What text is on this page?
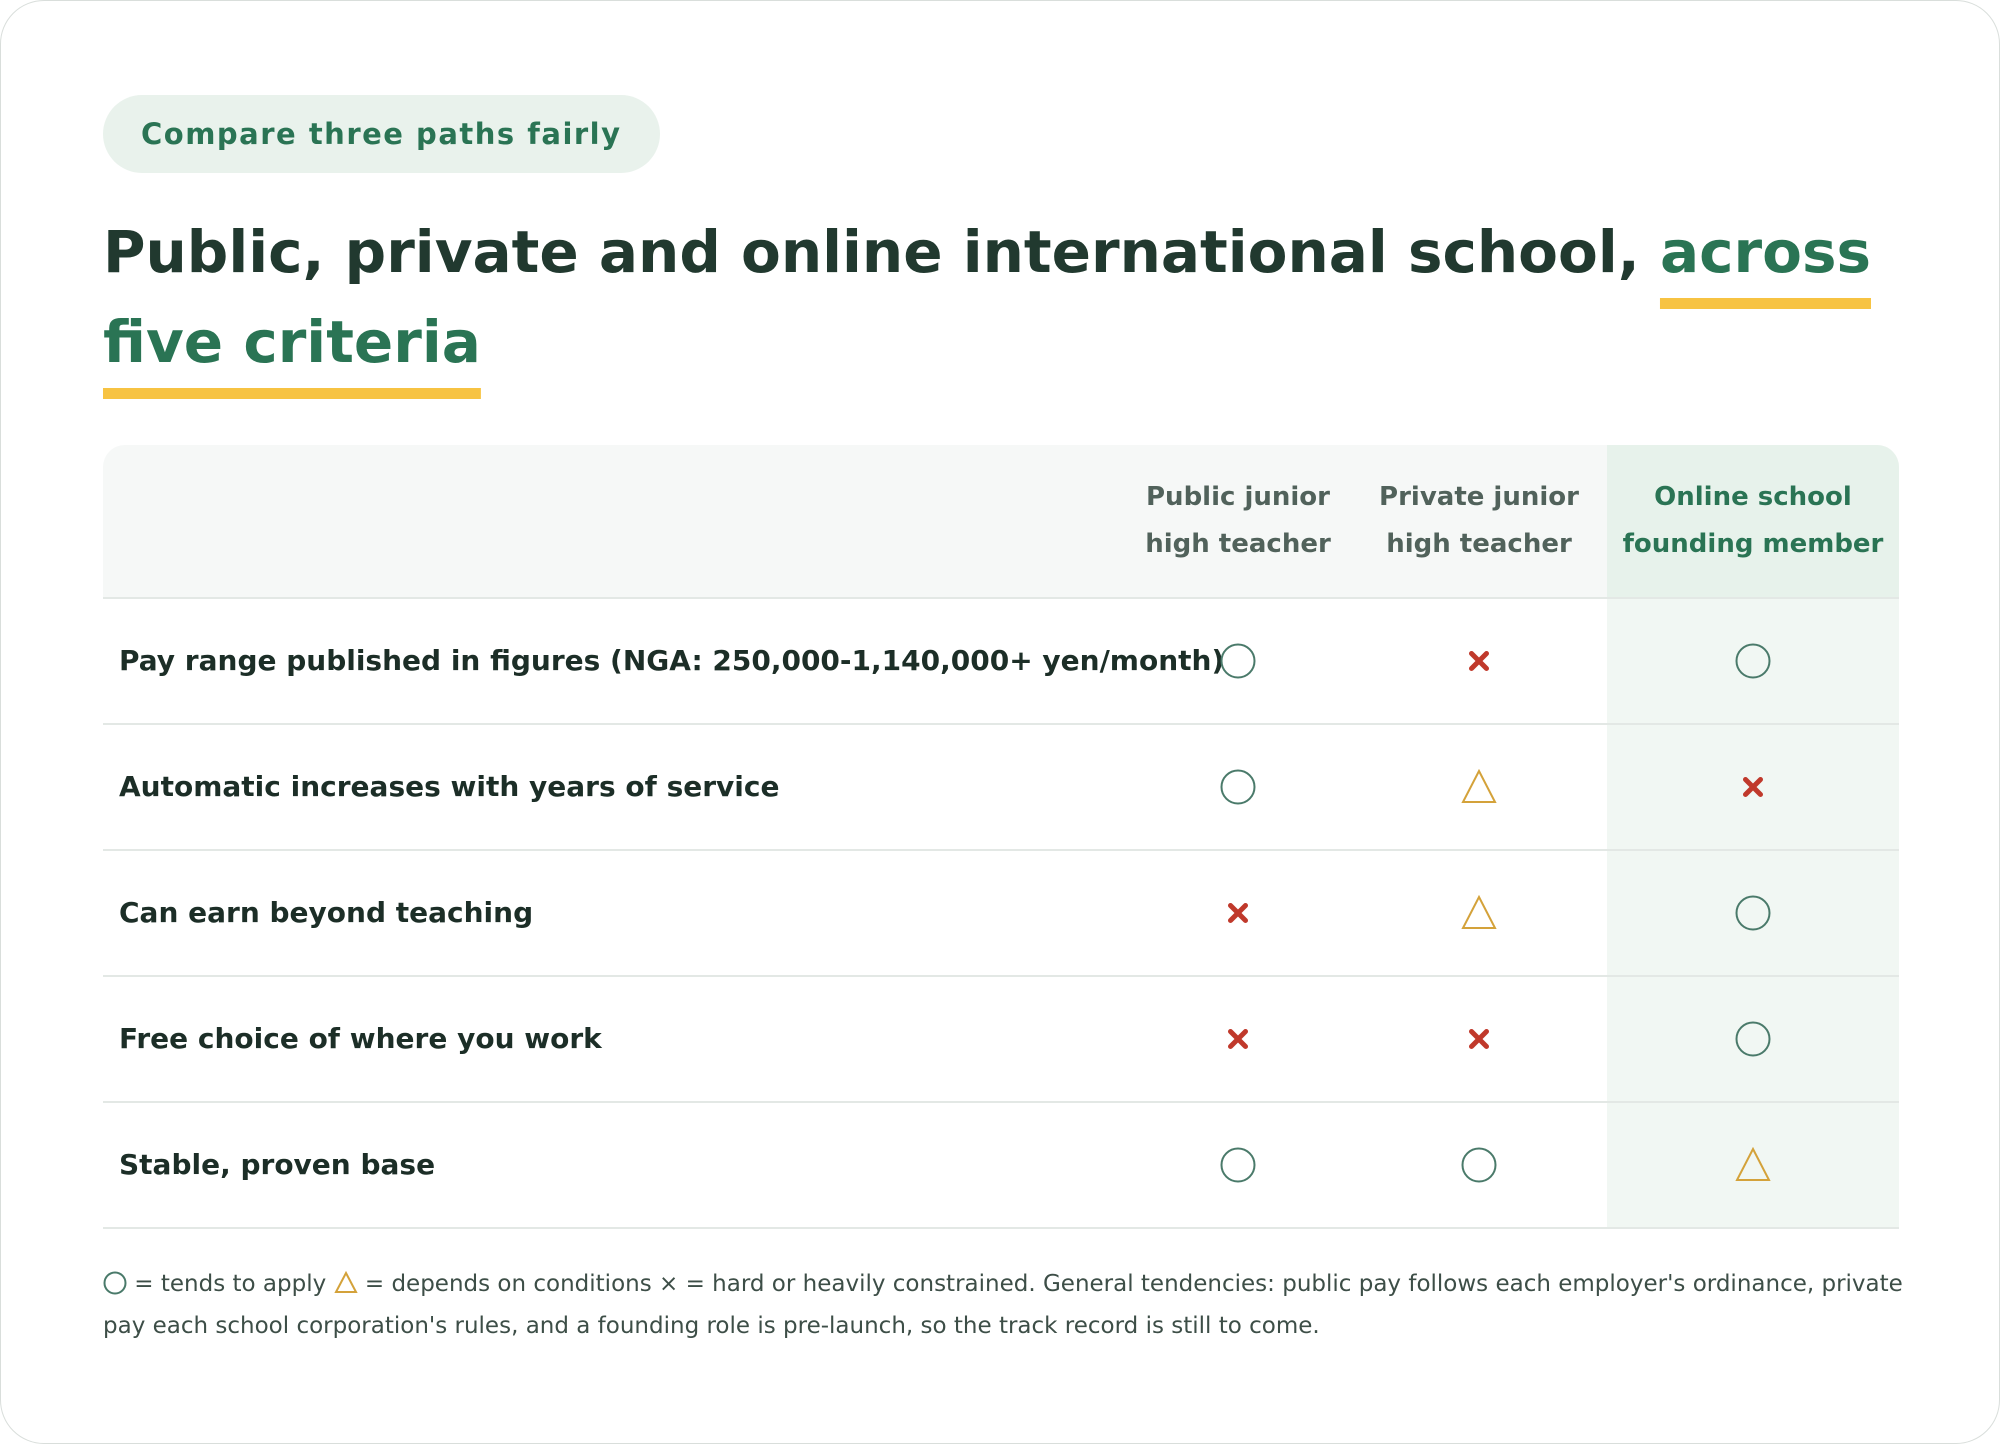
Compare three paths fairly
Public, private and online international school, across five criteria
Public junior
high teacher
Private junior
high teacher
Online school
founding member
Pay range published in figures (NGA: 250,000-1,140,000+ yen/month)
Automatic increases with years of service
Can earn beyond teaching
Free choice of where you work
Stable, proven base
= tends to apply  = depends on conditions × = hard or heavily constrained. General tendencies: public pay follows each employer's ordinance, private pay each school corporation's rules, and a founding role is pre-launch, so the track record is still to come.
